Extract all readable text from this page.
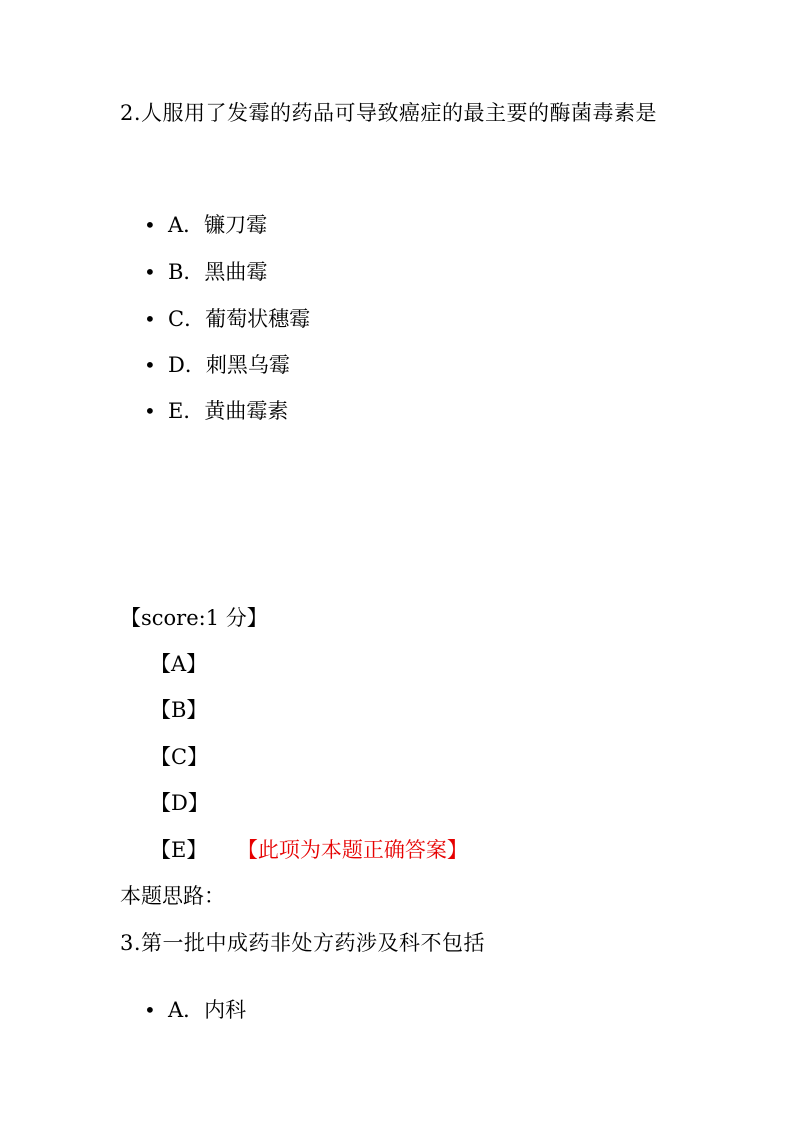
2.人服用了发霉的药品可导致癌症的最主要的酶菌毒素是
• A．镰刀霉
• B．黑曲霉
• C．葡萄状穗霉
• D．刺黑乌霉
• E．黄曲霉素
【score:1 分】
【A】
【B】
【C】
【D】
【E】 【此项为本题正确答案】
本题思路：
3.第一批中成药非处方药涉及科不包括
• A．内科
